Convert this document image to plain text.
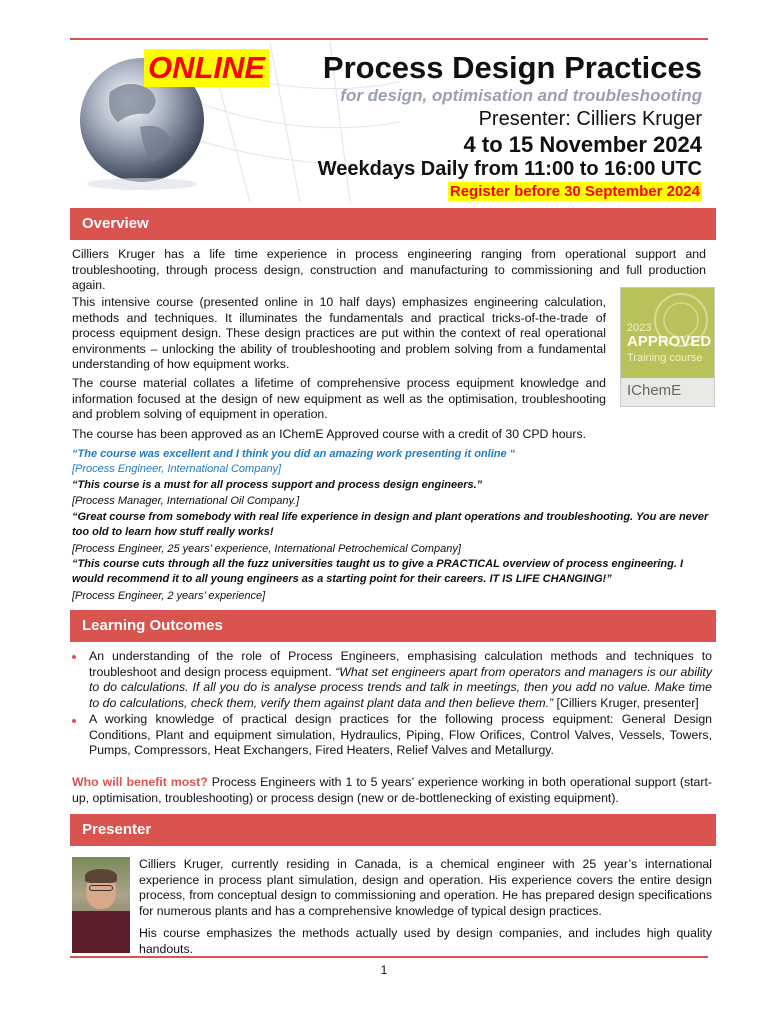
ONLINE Process Design Practices
for design, optimisation and troubleshooting
Presenter: Cilliers Kruger
4 to 15 November 2024
Weekdays Daily from 11:00 to 16:00 UTC
Register before 30 September 2024
Overview

Cilliers Kruger has a life time experience in process engineering ranging from operational support and troubleshooting, through process design, construction and manufacturing to commissioning and full production again.

This intensive course (presented online in 10 half days) emphasizes engineering calculation, methods and techniques. It illuminates the fundamentals and practical tricks-of-the-trade of process equipment design. These design practices are put within the context of real operational environments – unlocking the ability of troubleshooting and problem solving from a fundamental understanding of how equipment works.

The course material collates a lifetime of comprehensive process equipment knowledge and information focused at the design of new equipment as well as the optimisation, troubleshooting and problem solving of equipment in operation.

The course has been approved as an IChemE Approved course with a credit of 30 CPD hours.

2023
APPROVED
Training course
IChemE

“The course was excellent and I think you did an amazing work presenting it online “

[Process Engineer, International Company]

“This course is a must for all process support and process design engineers.”

[Process Manager, International Oil Company.]

“Great course from somebody with real life experience in design and plant operations and troubleshooting. You are never too old to learn how stuff really works!

[Process Engineer, 25 years’ experience, International Petrochemical Company]

“This course cuts through all the fuzz universities taught us to give a PRACTICAL overview of process engineering. I would recommend it to all young engineers as a starting point for their careers. IT IS LIFE CHANGING!”

[Process Engineer, 2 years’ experience]

Learning Outcomes

An understanding of the role of Process Engineers, emphasising calculation methods and techniques to troubleshoot and design process equipment. “What set engineers apart from operators and managers is our ability to do calculations. If all you do is analyse process trends and talk in meetings, then you add no value. Make time to do calculations, check them, verify them against plant data and then believe them.” [Cilliers Kruger, presenter]

A working knowledge of practical design practices for the following process equipment: General Design Conditions, Plant and equipment simulation, Hydraulics, Piping, Flow Orifices, Control Valves, Vessels, Towers, Pumps, Compressors, Heat Exchangers, Fired Heaters, Relief Valves and Metallurgy.

Who will benefit most? Process Engineers with 1 to 5 years’ experience working in both operational support (start-up, optimisation, troubleshooting) or process design (new or de-bottlenecking of existing equipment).

Presenter

Cilliers Kruger, currently residing in Canada, is a chemical engineer with 25 year’s international experience in process plant simulation, design and operation. His experience covers the entire design process, from conceptual design to commissioning and operation. He has prepared design specifications for numerous plants and has a comprehensive knowledge of typical design practices.

His course emphasizes the methods actually used by design companies, and includes high quality handouts.

1
